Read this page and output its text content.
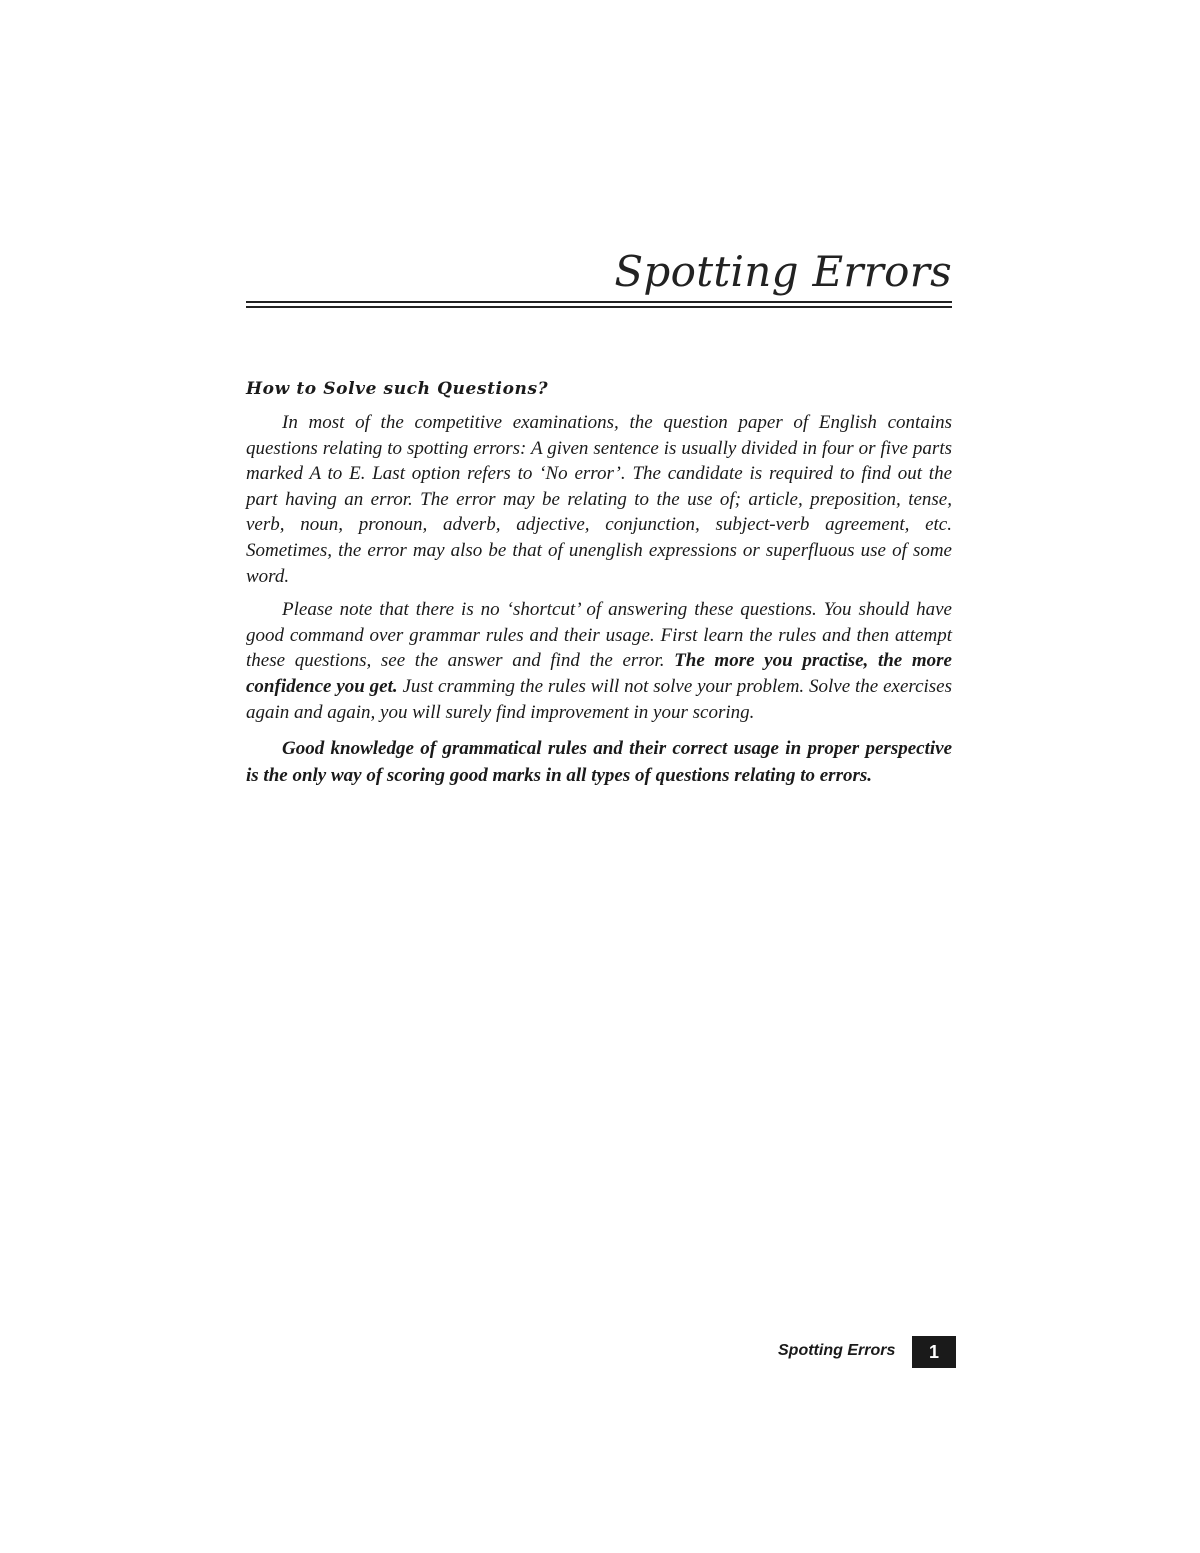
Spotting Errors
How to Solve such Questions?

In most of the competitive examinations, the question paper of English contains questions relating to spotting errors: A given sentence is usually divided in four or five parts marked A to E. Last option refers to ‘No error’. The candidate is required to find out the part having an error. The error may be relating to the use of; article, preposition, tense, verb, noun, pronoun, adverb, adjective, conjunction, subject-verb agreement, etc. Sometimes, the error may also be that of unenglish expressions or superfluous use of some word.

Please note that there is no ‘shortcut’ of answering these questions. You should have good command over grammar rules and their usage. First learn the rules and then attempt these questions, see the answer and find the error. The more you practise, the more confidence you get. Just cramming the rules will not solve your problem. Solve the exercises again and again, you will surely find improvement in your scoring.

Good knowledge of grammatical rules and their correct usage in proper perspective is the only way of scoring good marks in all types of questions relating to errors.

Spotting Errors	1
